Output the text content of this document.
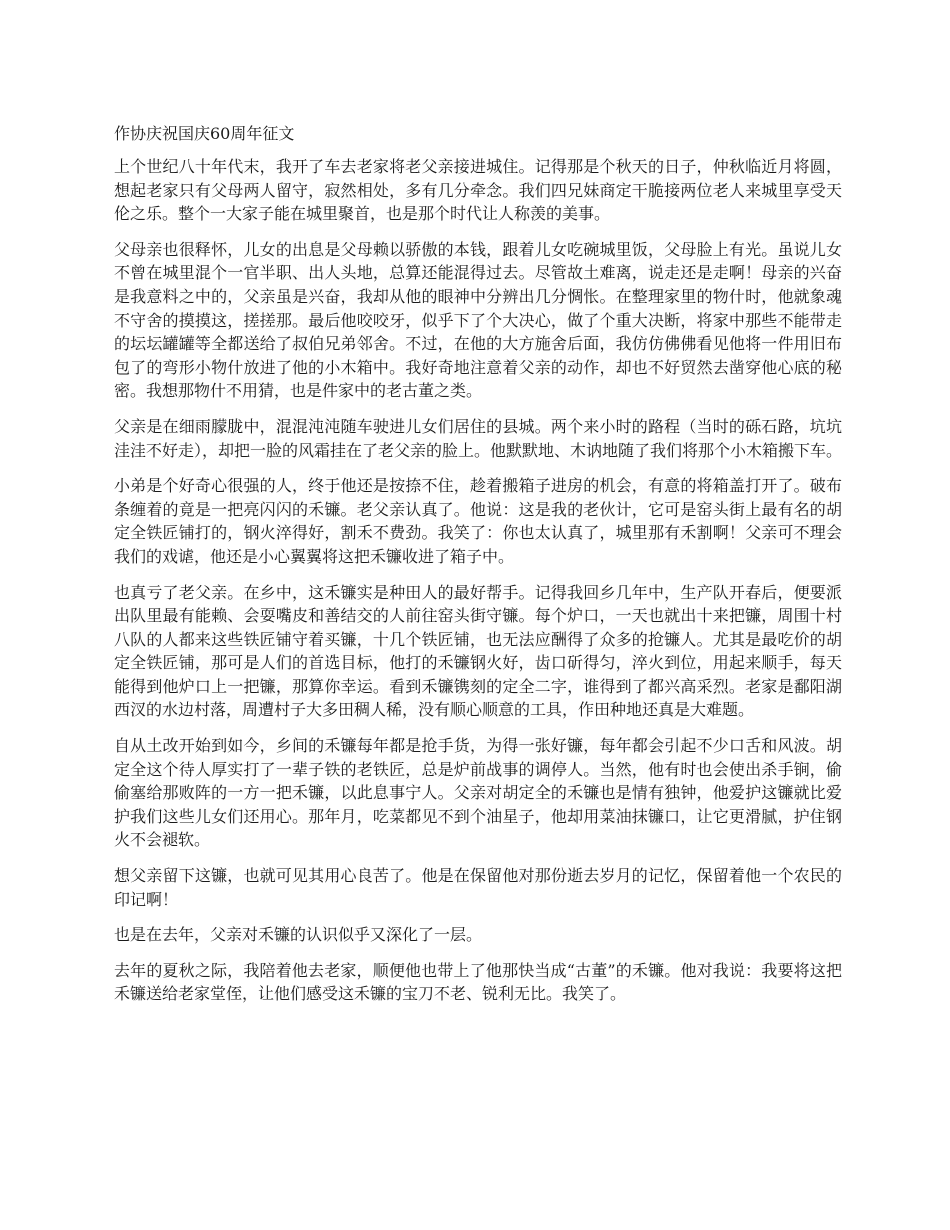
作协庆祝国庆60周年征文

上个世纪八十年代末，我开了车去老家将老父亲接进城住。记得那是个秋天的日子，仲秋临近月将圆，想起老家只有父母两人留守，寂然相处，多有几分牵念。我们四兄妹商定干脆接两位老人来城里享受天伦之乐。整个一大家子能在城里聚首，也是那个时代让人称羡的美事。

父母亲也很释怀，儿女的出息是父母赖以骄傲的本钱，跟着儿女吃碗城里饭，父母脸上有光。虽说儿女不曾在城里混个一官半职、出人头地，总算还能混得过去。尽管故土难离，说走还是走啊！母亲的兴奋是我意料之中的，父亲虽是兴奋，我却从他的眼神中分辨出几分惆怅。在整理家里的物什时，他就象魂不守舍的摸摸这，搓搓那。最后他咬咬牙，似乎下了个大决心，做了个重大决断，将家中那些不能带走的坛坛罐罐等全都送给了叔伯兄弟邻舍。不过，在他的大方施舍后面，我仿仿佛佛看见他将一件用旧布包了的弯形小物什放进了他的小木箱中。我好奇地注意着父亲的动作，却也不好贸然去凿穿他心底的秘密。我想那物什不用猜，也是件家中的老古董之类。

父亲是在细雨朦胧中，混混沌沌随车驶进儿女们居住的县城。两个来小时的路程（当时的砾石路，坑坑洼洼不好走），却把一脸的风霜挂在了老父亲的脸上。他默默地、木讷地随了我们将那个小木箱搬下车。

小弟是个好奇心很强的人，终于他还是按捺不住，趁着搬箱子进房的机会，有意的将箱盖打开了。破布条缠着的竟是一把亮闪闪的禾镰。老父亲认真了。他说：这是我的老伙计，它可是窑头街上最有名的胡定全铁匠铺打的，钢火淬得好，割禾不费劲。我笑了：你也太认真了，城里那有禾割啊！父亲可不理会我们的戏谑，他还是小心翼翼将这把禾镰收进了箱子中。

也真亏了老父亲。在乡中，这禾镰实是种田人的最好帮手。记得我回乡几年中，生产队开春后，便要派出队里最有能赖、会耍嘴皮和善结交的人前往窑头街守镰。每个炉口，一天也就出十来把镰，周围十村八队的人都来这些铁匠铺守着买镰，十几个铁匠铺，也无法应酬得了众多的抢镰人。尤其是最吃价的胡定全铁匠铺，那可是人们的首选目标，他打的禾镰钢火好，齿口斫得匀，淬火到位，用起来顺手，每天能得到他炉口上一把镰，那算你幸运。看到禾镰镌刻的定全二字，谁得到了都兴高采烈。老家是鄱阳湖西汊的水边村落，周遭村子大多田稠人稀，没有顺心顺意的工具，作田种地还真是大难题。

自从土改开始到如今，乡间的禾镰每年都是抢手货，为得一张好镰，每年都会引起不少口舌和风波。胡定全这个待人厚实打了一辈子铁的老铁匠，总是炉前战事的调停人。当然，他有时也会使出杀手锏，偷偷塞给那败阵的一方一把禾镰，以此息事宁人。父亲对胡定全的禾镰也是情有独钟，他爱护这镰就比爱护我们这些儿女们还用心。那年月，吃菜都见不到个油星子，他却用菜油抹镰口，让它更滑腻，护住钢火不会褪软。

想父亲留下这镰，也就可见其用心良苦了。他是在保留他对那份逝去岁月的记忆，保留着他一个农民的印记啊！

也是在去年，父亲对禾镰的认识似乎又深化了一层。

去年的夏秋之际，我陪着他去老家，顺便他也带上了他那快当成“古董”的禾镰。他对我说：我要将这把禾镰送给老家堂侄，让他们感受这禾镰的宝刀不老、锐利无比。我笑了。
